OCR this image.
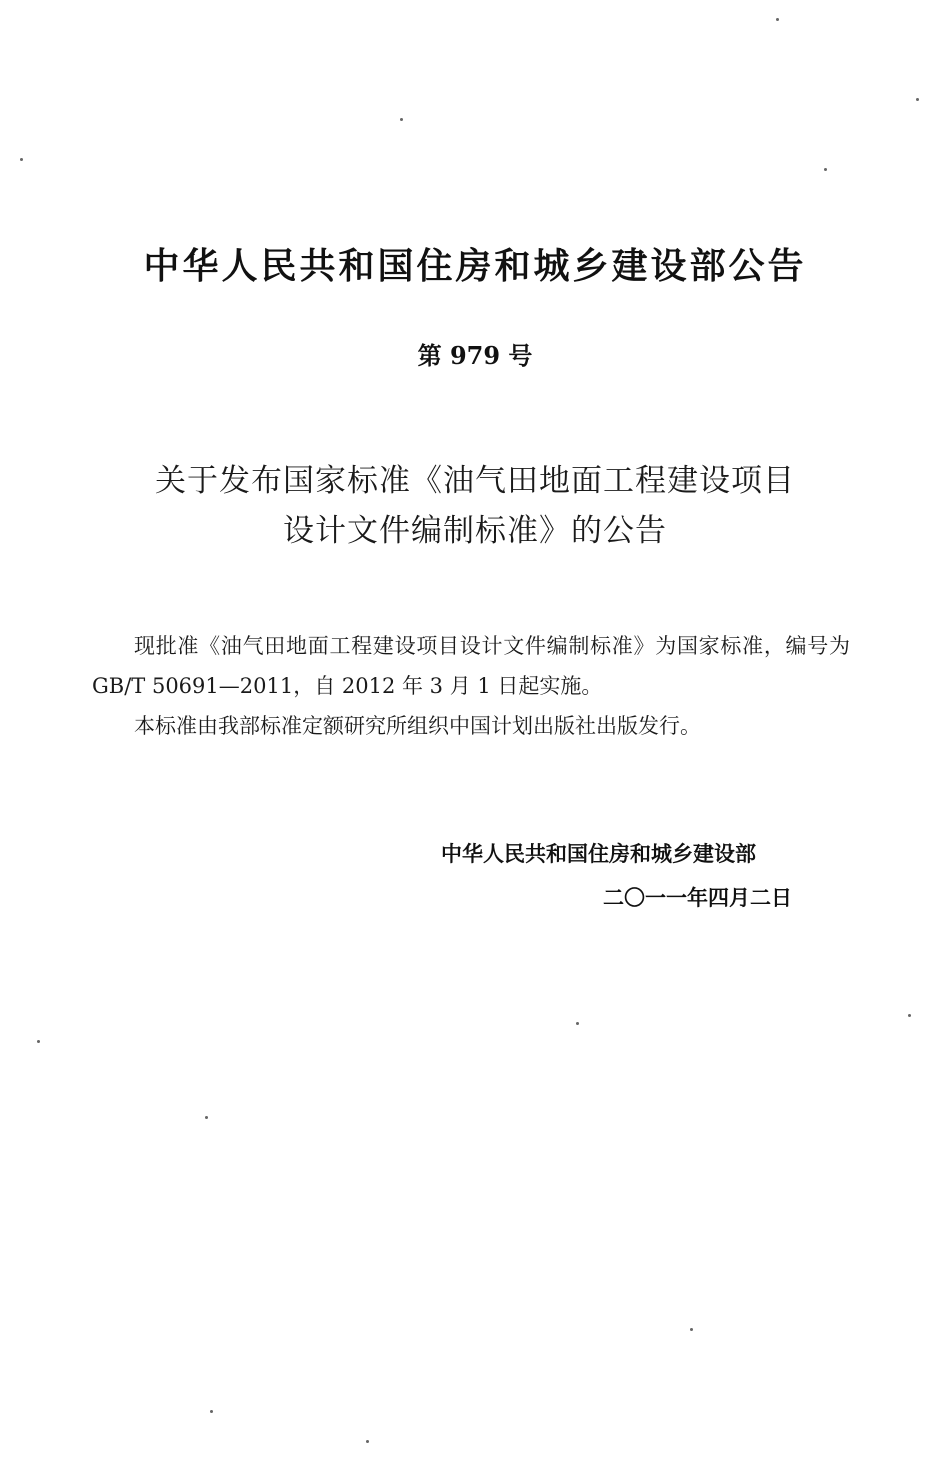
中华人民共和国住房和城乡建设部公告
第 979 号
关于发布国家标准《油气田地面工程建设项目
设计文件编制标准》的公告

现批准《油气田地面工程建设项目设计文件编制标准》为国家标准，编号为 GB/T 50691—2011，自 2012 年 3 月 1 日起实施。

本标准由我部标准定额研究所组织中国计划出版社出版发行。

中华人民共和国住房和城乡建设部
二〇一一年四月二日
